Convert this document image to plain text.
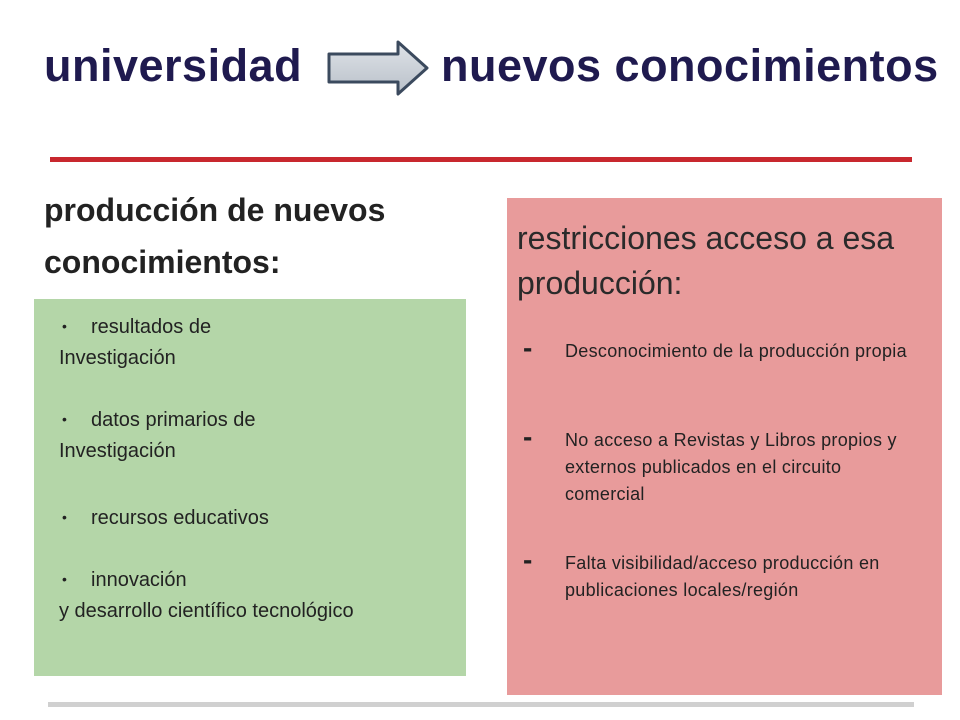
universidad	nuevos conocimientos
producción de nuevos conocimientos:
• resultados de
Investigación
• datos primarios de
Investigación
• recursos educativos
• innovación
y desarrollo científico tecnológico
restricciones acceso a esa producción:
- Desconocimiento de la producción propia
- No acceso a Revistas y Libros propios y externos publicados en el circuito comercial
- Falta visibilidad/acceso producción en publicaciones locales/región
